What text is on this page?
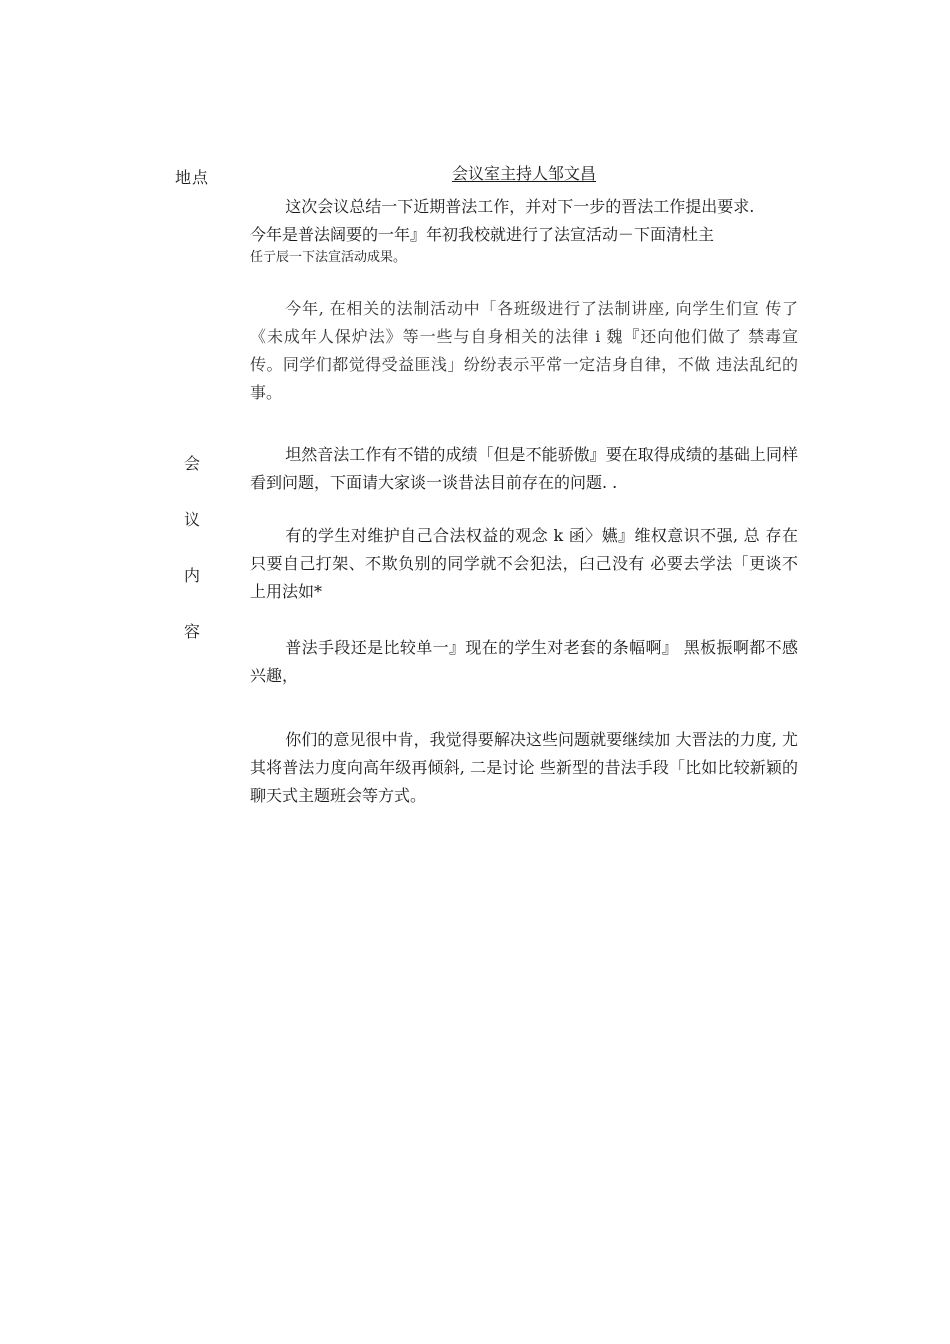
地点	会议室主持人邹文昌
会
议
内
容

这次会议总结一下近期普法工作，并对下一步的晋法工作提出要求.

今年是普法阔要的一年』年初我校就进行了法宣活动－下面清杜主

任亍辰一下法宣活动成果。

今年, 在相关的法制活动中「各班级进行了法制讲座, 向学生们宣 传了《未成年人保炉法》等一些与自身相关的法律 i 魏『还向他们做了 禁毒宣传。同学们都觉得受益匪浅」纷纷表示平常一定洁身自律，不做 违法乱纪的事。

坦然音法工作有不错的成绩「但是不能骄傲』要在取得成绩的基础上同样看到问题，下面请大家谈一谈昔法目前存在的问题. .

有的学生对维护自己合法权益的观念 k 函〉嬿』维权意识不强, 总 存在只要自己打架、不欺负别的同学就不会犯法，臼己没有 必要去学法「更谈不上用法如*

普法手段还是比较单一』现在的学生对老套的条幅啊』 黑板振啊都不感兴趣，

你们的意见很中肯，我觉得要解决这些问题就要继续加 大晋法的力度, 尤其将普法力度向高年级再倾斜, 二是讨论 些新型的昔法手段「比如比较新颖的聊天式主题班会等方式。
